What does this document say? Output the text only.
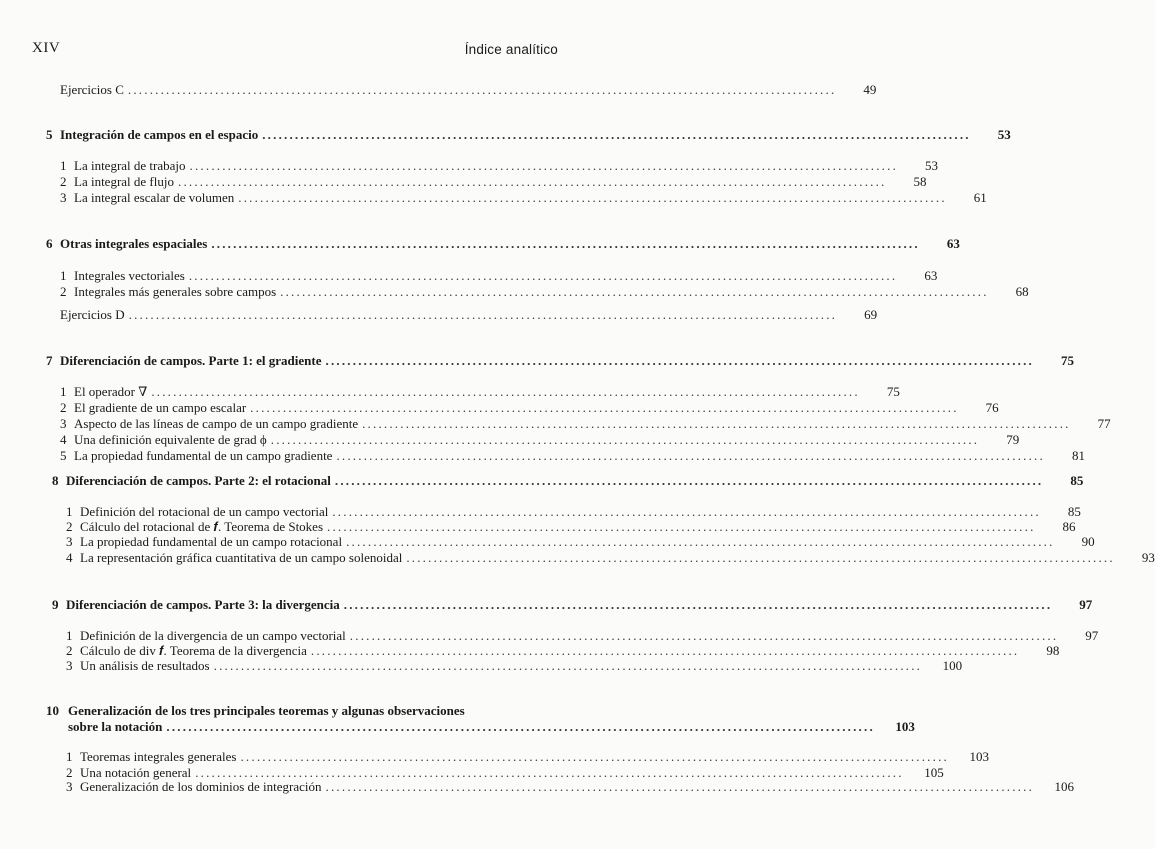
XIV	Índice analítico
Ejercicios C ..................................................................................................................................	49
5 Integración de campos en el espacio ..................................................................................................................................	53
1 La integral de trabajo ..................................................................................................................................	53
2 La integral de flujo ..................................................................................................................................	58
3 La integral escalar de volumen ..................................................................................................................................	61
6 Otras integrales espaciales ..................................................................................................................................	63
1 Integrales vectoriales ..................................................................................................................................	63
2 Integrales más generales sobre campos ..................................................................................................................................	68
Ejercicios D ..................................................................................................................................	69
7 Diferenciación de campos. Parte 1: el gradiente ..................................................................................................................................	75
1 El operador ∇ ..................................................................................................................................	75
2 El gradiente de un campo escalar ..................................................................................................................................	76
3 Aspecto de las líneas de campo de un campo gradiente ..................................................................................................................................	77
4 Una definición equivalente de grad ϕ ..................................................................................................................................	79
5 La propiedad fundamental de un campo gradiente ..................................................................................................................................	81
8 Diferenciación de campos. Parte 2: el rotacional ..................................................................................................................................	85
1 Definición del rotacional de un campo vectorial ..................................................................................................................................	85
2 Cálculo del rotacional de 𝒇. Teorema de Stokes ..................................................................................................................................	86
3 La propiedad fundamental de un campo rotacional ..................................................................................................................................	90
4 La representación gráfica cuantitativa de un campo solenoidal ..................................................................................................................................	93
9 Diferenciación de campos. Parte 3: la divergencia ..................................................................................................................................	97
1 Definición de la divergencia de un campo vectorial ..................................................................................................................................	97
2 Cálculo de div 𝒇. Teorema de la divergencia ..................................................................................................................................	98
3 Un análisis de resultados ..................................................................................................................................	100
10 Generalización de los tres principales teoremas y algunas observaciones
sobre la notación ..................................................................................................................................	103
1 Teoremas integrales generales ..................................................................................................................................	103
2 Una notación general ..................................................................................................................................	105
3 Generalización de los dominios de integración ..................................................................................................................................	106
